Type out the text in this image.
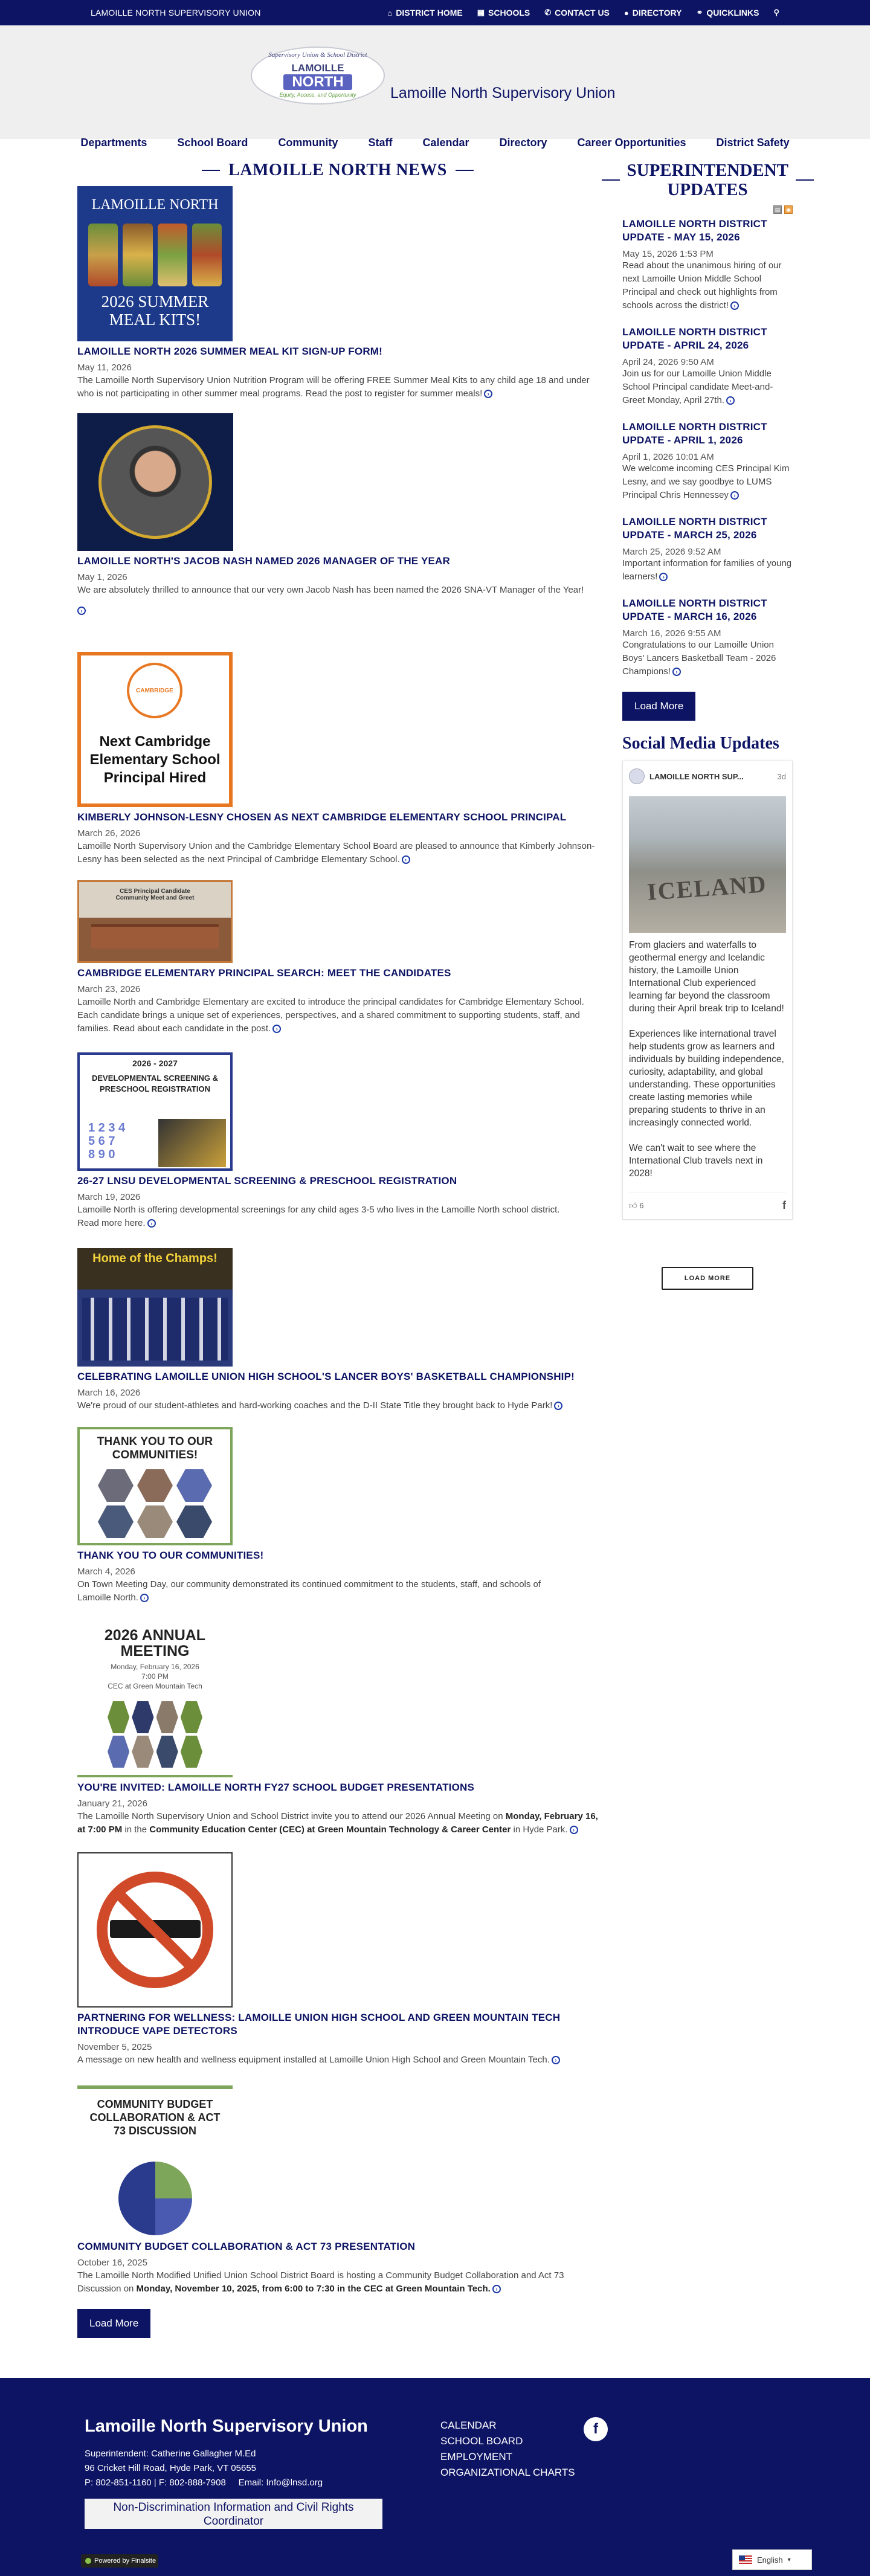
LAMOILLE NORTH SUPERVISORY UNION	⌂ DISTRICT HOME ▦ SCHOOLS ✆ CONTACT US ● DIRECTORY ⚭ QUICKLINKS ⚲
Supervisory Union & School District
LAMOILLE
NORTH
Equity, Access, and Opportunity Lamoille North Supervisory Union
Departments	School Board	Community	Staff	Calendar	Directory	Career Opportunities	District Safety
LAMOILLE NORTH NEWS
LAMOILLE NORTH
2026 SUMMER MEAL KITS!
LAMOILLE NORTH 2026 SUMMER MEAL KIT SIGN-UP FORM!
May 11, 2026
The Lamoille North Supervisory Union Nutrition Program will be offering FREE Summer Meal Kits to any child age 18 and under who is not participating in other summer meal programs. Read the post to register for summer meals! ›
LAMOILLE NORTH'S JACOB NASH NAMED 2026 MANAGER OF THE YEAR
May 1, 2026
We are absolutely thrilled to announce that our very own Jacob Nash has been named the 2026 SNA-VT Manager of the Year!
›
CAMBRIDGE
Next Cambridge Elementary School Principal Hired
KIMBERLY JOHNSON-LESNY CHOSEN AS NEXT CAMBRIDGE ELEMENTARY SCHOOL PRINCIPAL
March 26, 2026
Lamoille North Supervisory Union and the Cambridge Elementary School Board are pleased to announce that Kimberly Johnson-Lesny has been selected as the next Principal of Cambridge Elementary School. ›
CES Principal Candidate Community Meet and Greet
CAMBRIDGE ELEMENTARY PRINCIPAL SEARCH: MEET THE CANDIDATES
March 23, 2026
Lamoille North and Cambridge Elementary are excited to introduce the principal candidates for Cambridge Elementary School. Each candidate brings a unique set of experiences, perspectives, and a shared commitment to supporting students, staff, and families. Read about each candidate in the post. ›
2026 - 2027
DEVELOPMENTAL SCREENING & PRESCHOOL REGISTRATION
1 2 3 4
5 6 7
8 9 0
26-27 LNSU DEVELOPMENTAL SCREENING & PRESCHOOL REGISTRATION
March 19, 2026
Lamoille North is offering developmental screenings for any child ages 3-5 who lives in the Lamoille North school district. Read more here. ›
Home of the Champs!
CELEBRATING LAMOILLE UNION HIGH SCHOOL'S LANCER BOYS' BASKETBALL CHAMPIONSHIP!
March 16, 2026
We're proud of our student-athletes and hard-working coaches and the D-II State Title they brought back to Hyde Park! ›
THANK YOU TO OUR COMMUNITIES!
THANK YOU TO OUR COMMUNITIES!
March 4, 2026
On Town Meeting Day, our community demonstrated its continued commitment to the students, staff, and schools of Lamoille North. ›
2026 ANNUAL MEETING
Monday, February 16, 2026
7:00 PM
CEC at Green Mountain Tech
YOU'RE INVITED: LAMOILLE NORTH FY27 SCHOOL BUDGET PRESENTATIONS
January 21, 2026
The Lamoille North Supervisory Union and School District invite you to attend our 2026 Annual Meeting on Monday, February 16, at 7:00 PM in the Community Education Center (CEC) at Green Mountain Technology & Career Center in Hyde Park. ›
PARTNERING FOR WELLNESS: LAMOILLE UNION HIGH SCHOOL AND GREEN MOUNTAIN TECH INTRODUCE VAPE DETECTORS
November 5, 2025
A message on new health and wellness equipment installed at Lamoille Union High School and Green Mountain Tech. ›
COMMUNITY BUDGET COLLABORATION & ACT 73 DISCUSSION
COMMUNITY BUDGET COLLABORATION & ACT 73 PRESENTATION
October 16, 2025
The Lamoille North Modified Unified Union School District Board is hosting a Community Budget Collaboration and Act 73 Discussion on Monday, November 10, 2025, from 6:00 to 7:30 in the CEC at Green Mountain Tech. ›
Load More
SUPERINTENDENT UPDATES
▤	◉
LAMOILLE NORTH DISTRICT UPDATE - MAY 15, 2026
May 15, 2026 1:53 PM
Read about the unanimous hiring of our next Lamoille Union Middle School Principal and check out highlights from schools across the district! ›
LAMOILLE NORTH DISTRICT UPDATE - APRIL 24, 2026
April 24, 2026 9:50 AM
Join us for our Lamoille Union Middle School Principal candidate Meet-and-Greet Monday, April 27th. ›
LAMOILLE NORTH DISTRICT UPDATE - APRIL 1, 2026
April 1, 2026 10:01 AM
We welcome incoming CES Principal Kim Lesny, and we say goodbye to LUMS Principal Chris Hennessey ›
LAMOILLE NORTH DISTRICT UPDATE - MARCH 25, 2026
March 25, 2026 9:52 AM
Important information for families of young learners! ›
LAMOILLE NORTH DISTRICT UPDATE - MARCH 16, 2026
March 16, 2026 9:55 AM
Congratulations to our Lamoille Union Boys' Lancers Basketball Team - 2026 Champions! ›
Load More
Social Media Updates
LAMOILLE NORTH SUP...	3d
ICELAND

From glaciers and waterfalls to geothermal energy and Icelandic history, the Lamoille Union International Club experienced learning far beyond the classroom during their April break trip to Iceland!

Experiences like international travel help students grow as learners and individuals by building independence, curiosity, adaptability, and global understanding. These opportunities create lasting memories while preparing students to thrive in an increasingly connected world.

We can't wait to see where the International Club travels next in 2028!

👍︎ 6	f
LOAD MORE
Lamoille North Supervisory Union
Superintendent: Catherine Gallagher M.Ed
96 Cricket Hill Road, Hyde Park, VT 05655
P: 802-851-1160 | F: 802-888-7908     Email: Info@lnsd.org
Non-Discrimination Information and Civil Rights Coordinator
CALENDAR
SCHOOL BOARD
EMPLOYMENT
ORGANIZATIONAL CHARTS
f
Powered by Finalsite	English ▾
